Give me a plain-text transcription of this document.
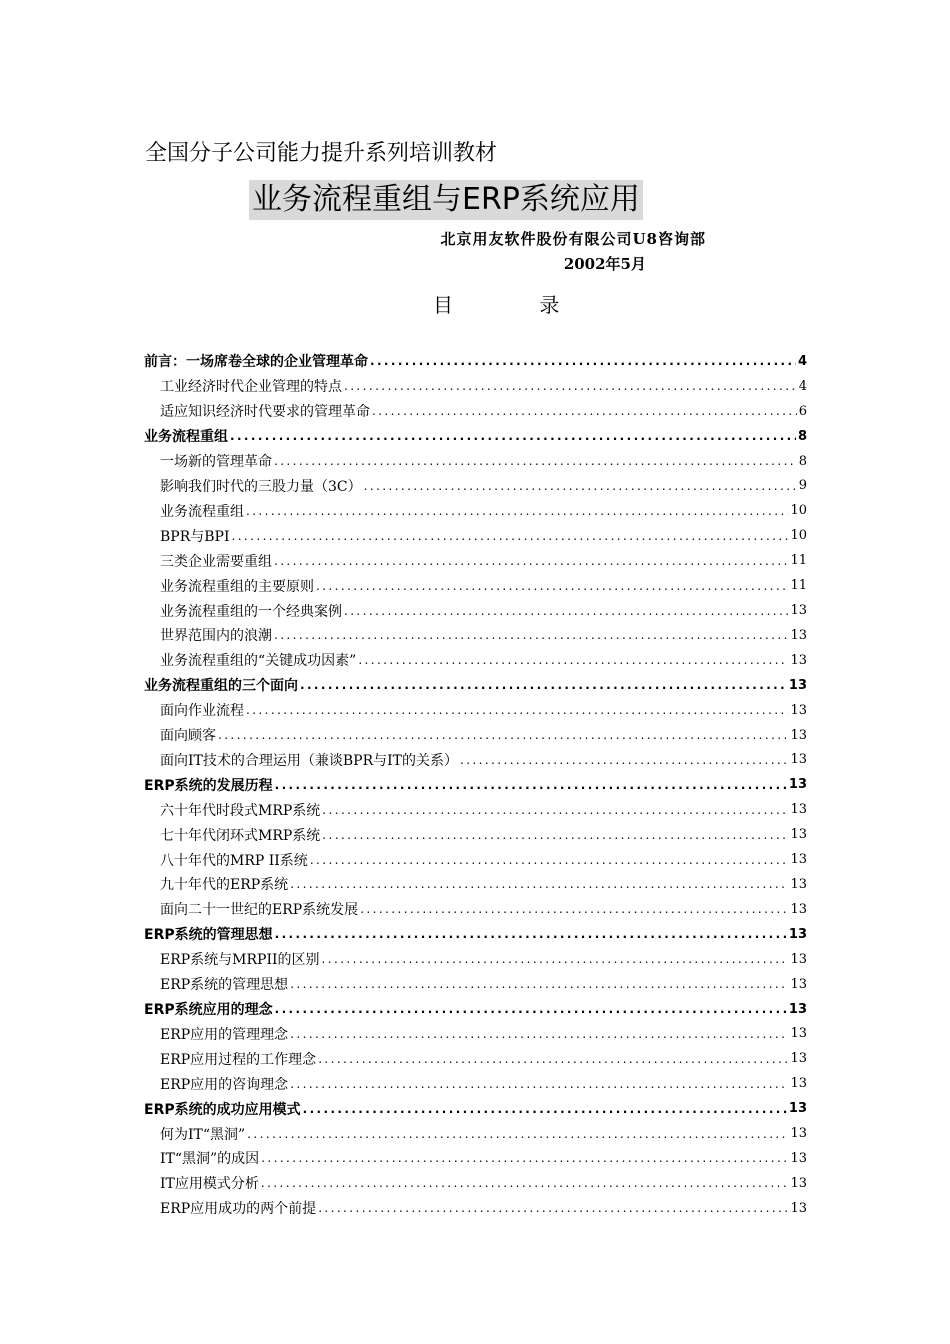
全国分子公司能力提升系列培训教材
业务流程重组与ERP系统应用
北京用友软件股份有限公司U8咨询部
2002年5月
目 录
前言：一场席卷全球的企业管理革命 .....	4
工业经济时代企业管理的特点 .....	4
适应知识经济时代要求的管理革命 .....	6
业务流程重组 .....	8
一场新的管理革命 .....	8
影响我们时代的三股力量（3C） .....	9
业务流程重组 .....	10
BPR与BPI .....	10
三类企业需要重组 .....	11
业务流程重组的主要原则 .....	11
业务流程重组的一个经典案例 .....	13
世界范围内的浪潮 .....	13
业务流程重组的“关键成功因素” .....	13
业务流程重组的三个面向 .....	13
面向作业流程 .....	13
面向顾客 .....	13
面向IT技术的合理运用（兼谈BPR与IT的关系） .....	13
ERP系统的发展历程 .....	13
六十年代时段式MRP系统 .....	13
七十年代闭环式MRP系统 .....	13
八十年代的MRP II系统 .....	13
九十年代的ERP系统 .....	13
面向二十一世纪的ERP系统发展 .....	13
ERP系统的管理思想 .....	13
ERP系统与MRPII的区别 .....	13
ERP系统的管理思想 .....	13
ERP系统应用的理念 .....	13
ERP应用的管理理念 .....	13
ERP应用过程的工作理念 .....	13
ERP应用的咨询理念 .....	13
ERP系统的成功应用模式 .....	13
何为IT“黑洞” .....	13
IT“黑洞”的成因 .....	13
IT应用模式分析 .....	13
ERP应用成功的两个前提 .....	13
